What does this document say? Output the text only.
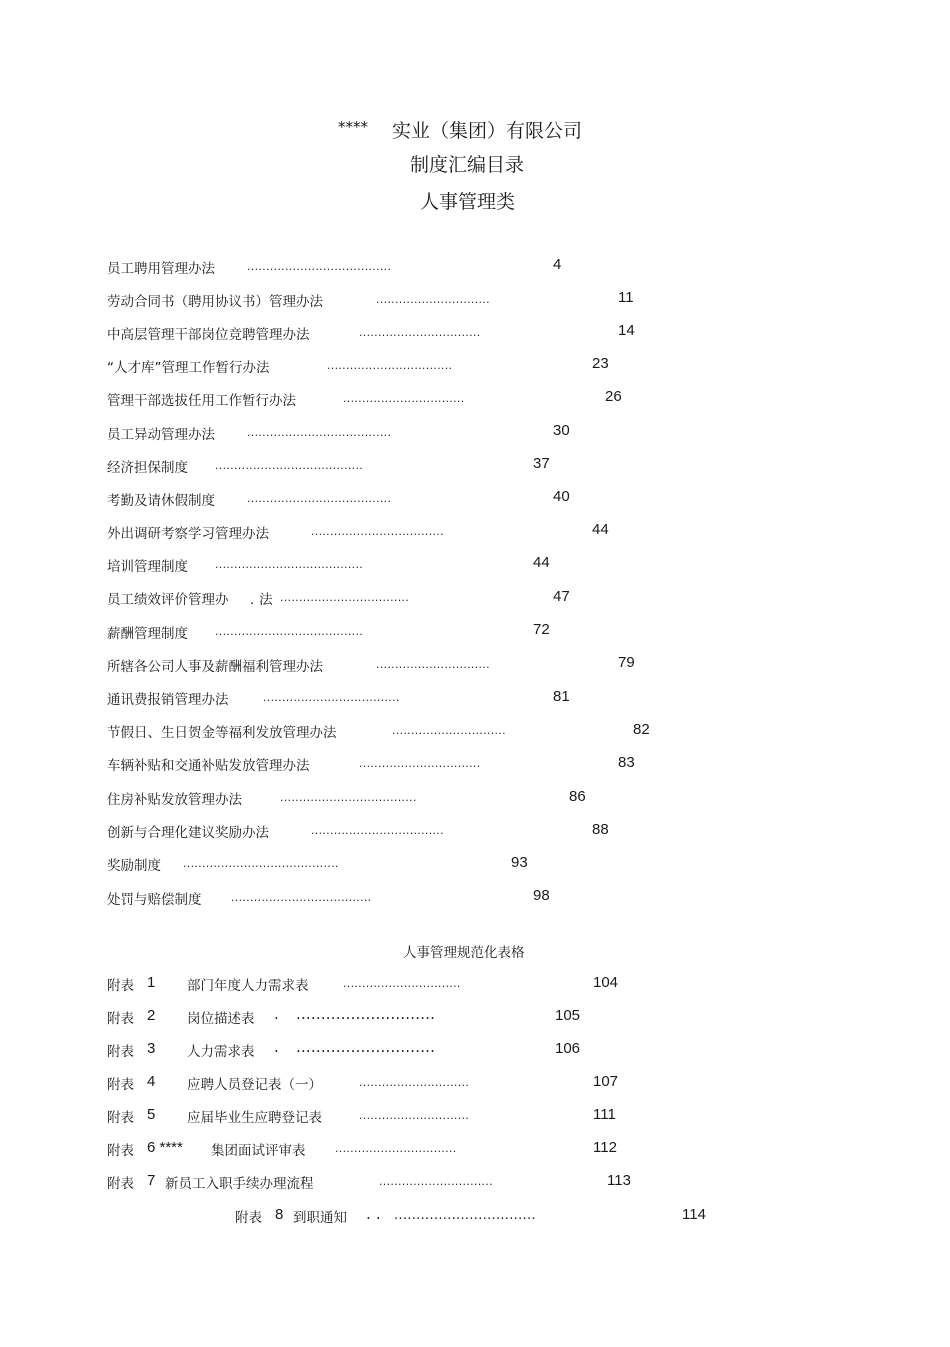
**** 实业（集团）有限公司
制度汇编目录
人事管理类
员工聘用管理办法	......................................	4
劳动合同书（聘用协议书）管理办法	..............................	11
中高层管理干部岗位竞聘管理办法	................................	14
“人才库”管理工作暂行办法	.................................	23
管理干部选拔任用工作暂行办法	................................	26
员工异动管理办法	......................................	30
经济担保制度 .......................................	37
考勤及请休假制度	......................................	40
外出调研考察学习管理办法	...................................	44
培训管理制度 .......................................	44
员工绩效评价管理办 . 法 ..................................	47
薪酬管理制度 .......................................	72
所辖各公司人事及薪酬福利管理办法	..............................	79
通讯费报销管理办法	....................................	81
节假日、生日贺金等福利发放管理办法	..............................	82
车辆补贴和交通补贴发放管理办法	................................	83
住房补贴发放管理办法	....................................	86
创新与合理化建议奖励办法	...................................	88
奖励制度 .........................................	93
处罚与赔偿制度	.....................................	98
人事管理规范化表格
附表 1 部门年度人力需求表	...............................	104
附表 2 岗位描述表 . ............................	105
附表 3 人力需求表 . ............................	106
附表 4 应聘人员登记表（一）	.............................	107
附表 5 应届毕业生应聘登记表	.............................	111
附表 6 **** 集团面试评审表	................................	112
附表 7 新员工入职手续办理流程	..............................	113
附表 8 到职通知 . . ................................	114
